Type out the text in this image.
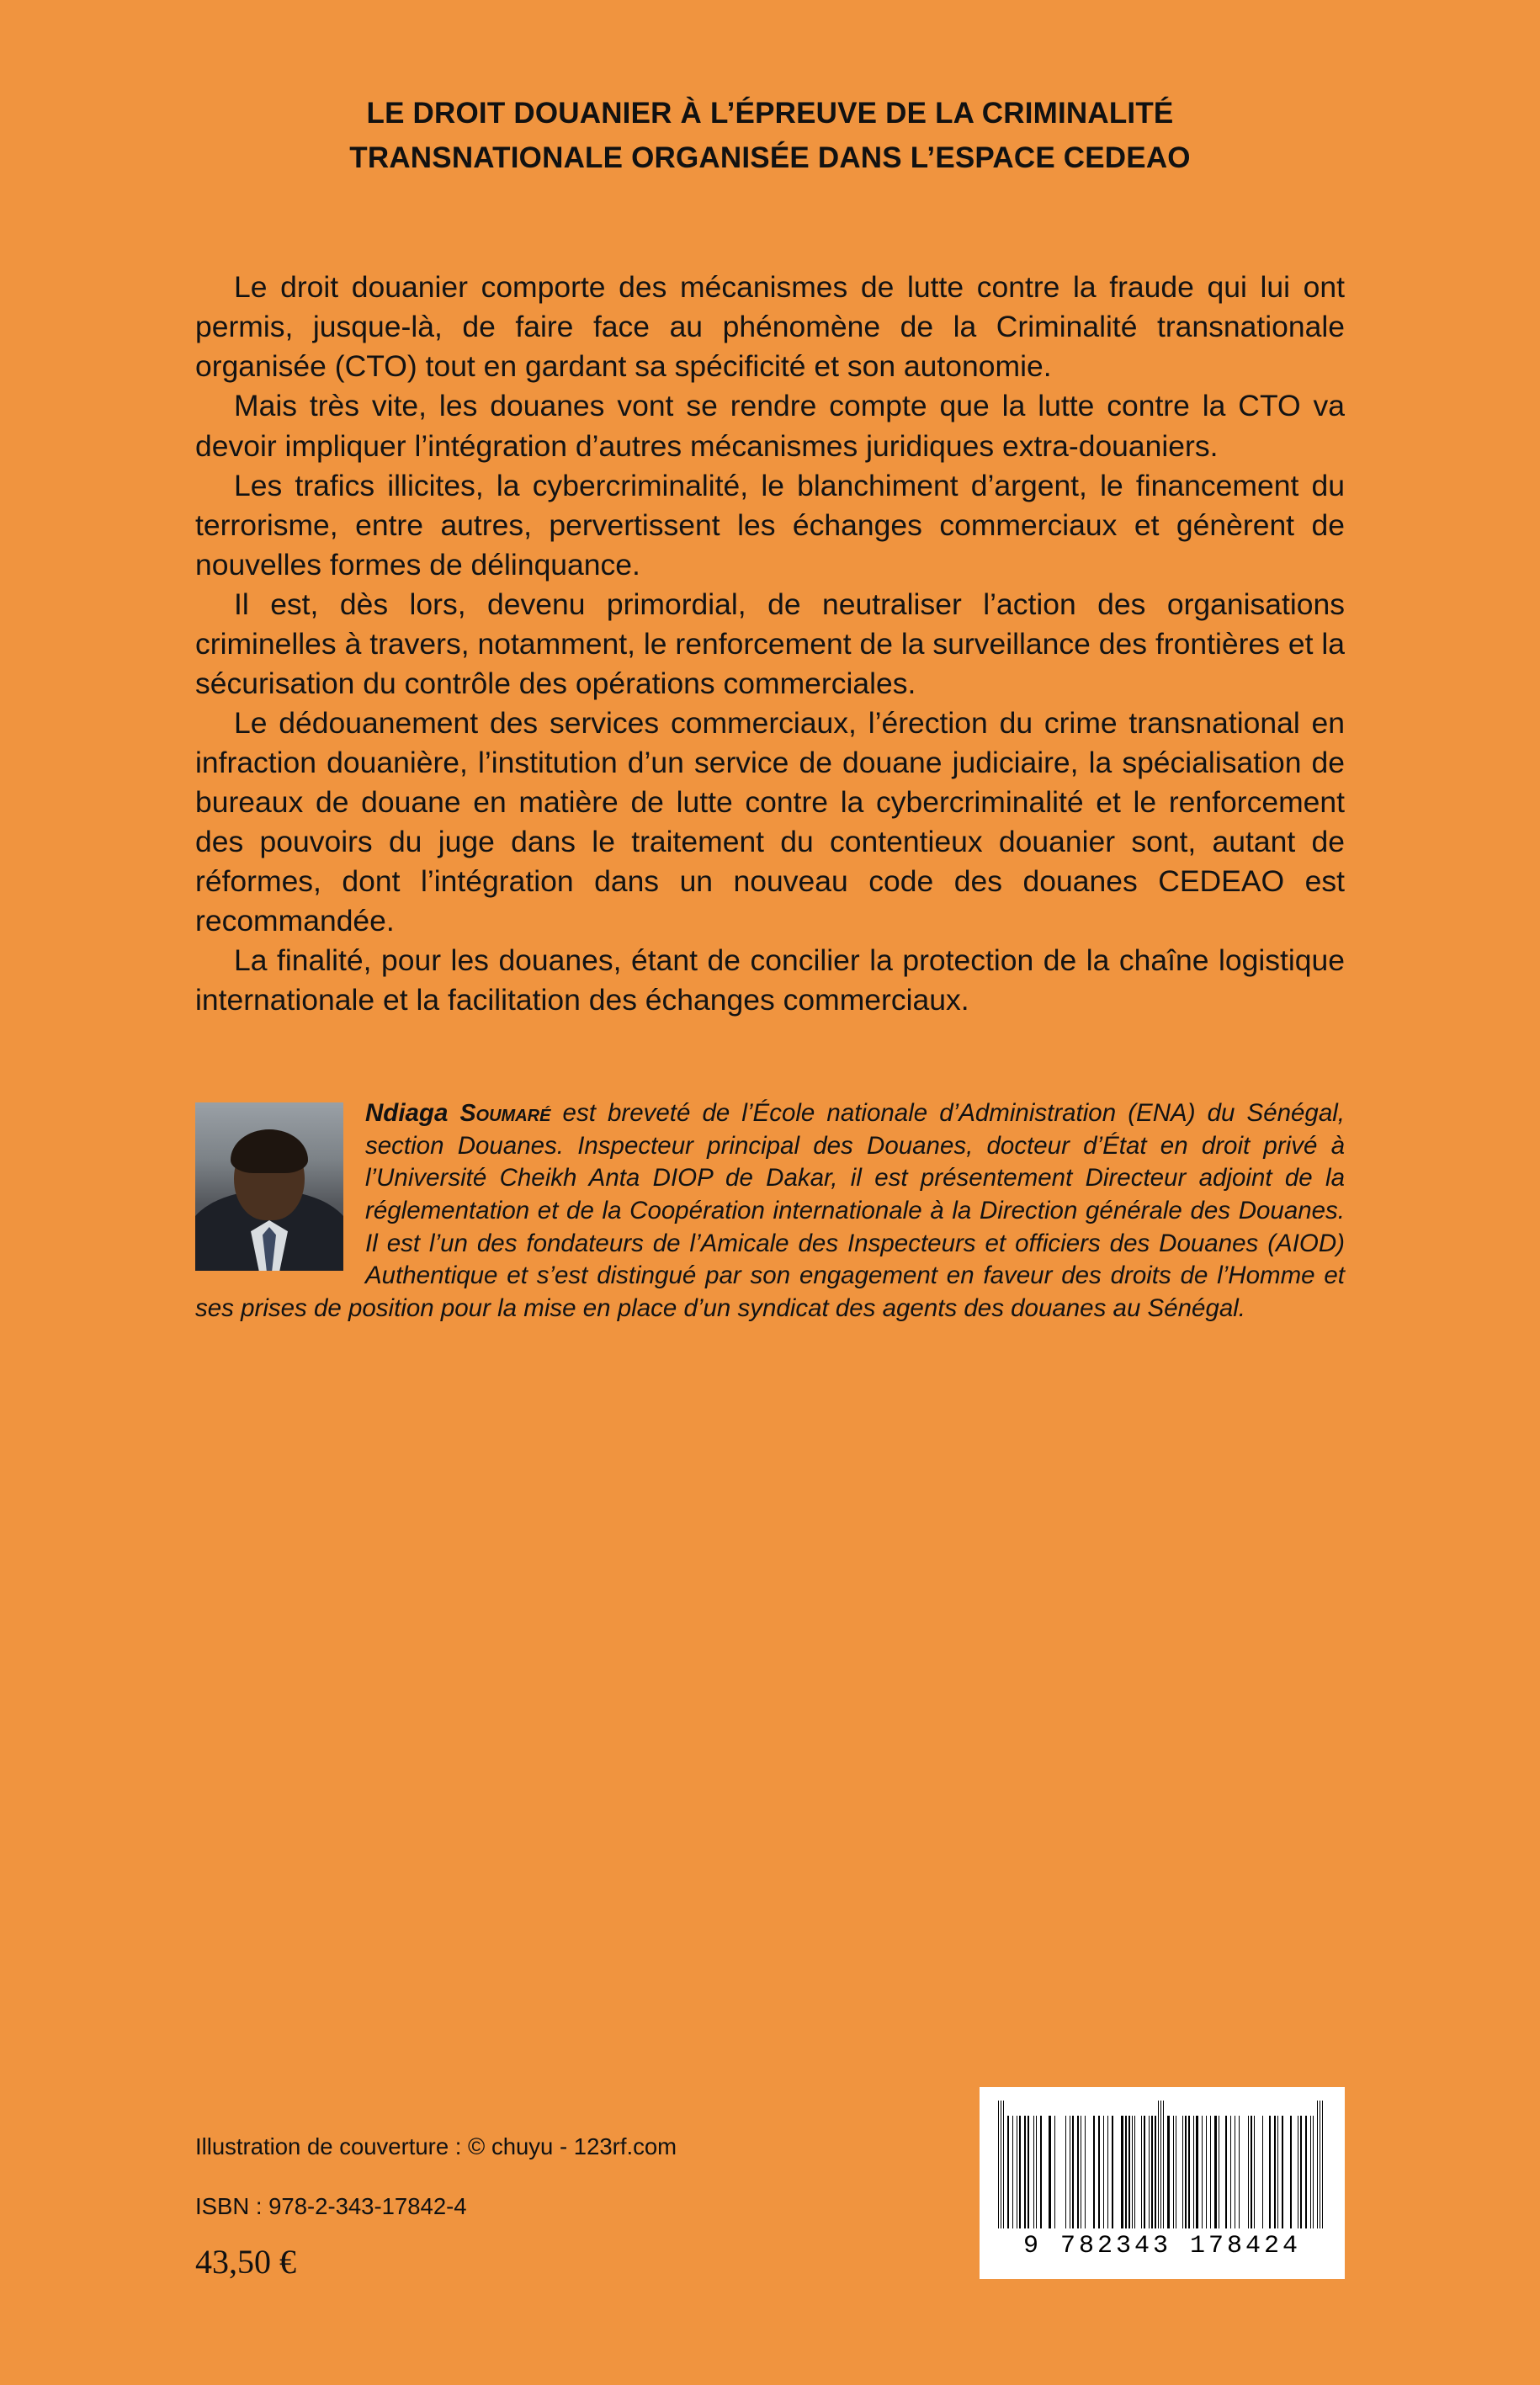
LE DROIT DOUANIER À L’ÉPREUVE DE LA CRIMINALITÉ
TRANSNATIONALE ORGANISÉE DANS L’ESPACE CEDEAO

Le droit douanier comporte des mécanismes de lutte contre la fraude qui lui ont permis, jusque-là, de faire face au phénomène de la Criminalité transnationale organisée (CTO) tout en gardant sa spécificité et son autonomie.

Mais très vite, les douanes vont se rendre compte que la lutte contre la CTO va devoir impliquer l’intégration d’autres mécanismes juridiques extra-douaniers.

Les trafics illicites, la cybercriminalité, le blanchiment d’argent, le financement du terrorisme, entre autres, pervertissent les échanges commerciaux et génèrent de nouvelles formes de délinquance.

Il est, dès lors, devenu primordial, de neutraliser l’action des organisations criminelles à travers, notamment, le renforcement de la surveillance des frontières et la sécurisation du contrôle des opérations commerciales.

Le dédouanement des services commerciaux, l’érection du crime transnational en infraction douanière, l’institution d’un service de douane judiciaire, la spécialisation de bureaux de douane en matière de lutte contre la cybercriminalité et le renforcement des pouvoirs du juge dans le traitement du contentieux douanier sont, autant de réformes, dont l’intégration dans un nouveau code des douanes CEDEAO est recommandée.

La finalité, pour les douanes, étant de concilier la protection de la chaîne logistique internationale et la facilitation des échanges commerciaux.

Ndiaga Soumaré est breveté de l’École nationale d’Administration (ENA) du Sénégal, section Douanes. Inspecteur principal des Douanes, docteur d’État en droit privé à l’Université Cheikh Anta DIOP de Dakar, il est présentement Directeur adjoint de la réglementation et de la Coopération internationale à la Direction générale des Douanes. Il est l’un des fondateurs de l’Amicale des Inspecteurs et officiers des Douanes (AIOD) Authentique et s’est distingué par son engagement en faveur des droits de l’Homme et ses prises de position pour la mise en place d’un syndicat des agents des douanes au Sénégal.
Illustration de couverture : © chuyu - 123rf.com
ISBN : 978-2-343-17842-4
43,50 €	9 782343 178424
